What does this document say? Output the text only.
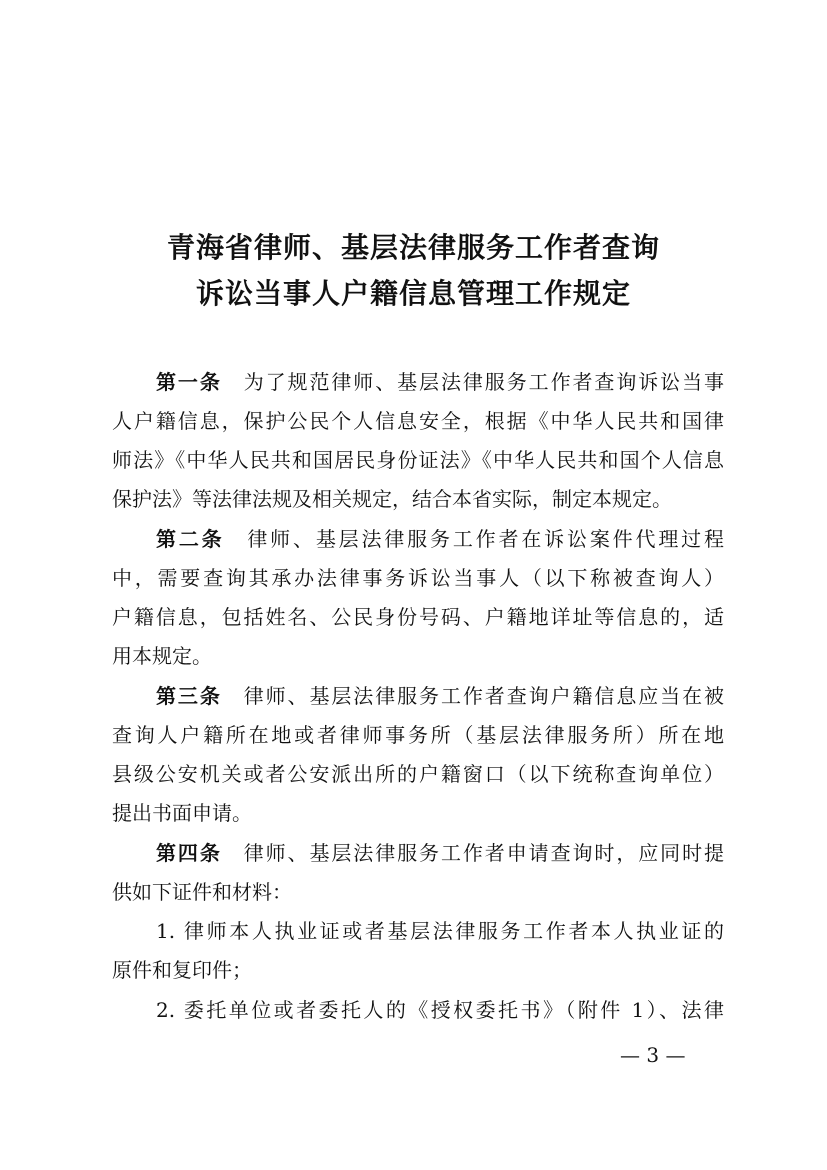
青海省律师、基层法律服务工作者查询
诉讼当事人户籍信息管理工作规定
第一条　 为了规范律师、基层法律服务工作者查询诉讼当事
人户籍信息，保护公民个人信息安全，根据《中华人民共和国律
师法》《中华人民共和国居民身份证法》《中华人民共和国个人信息
保护法》等法律法规及相关规定，结合本省实际，制定本规定。
第二条　 律师、基层法律服务工作者在诉讼案件代理过程
中，需要查询其承办法律事务诉讼当事人（以下称被查询人）
户籍信息，包括姓名、公民身份号码、户籍地详址等信息的，适
用本规定。
第三条　 律师、基层法律服务工作者查询户籍信息应当在被
查询人户籍所在地或者律师事务所（基层法律服务所）所在地
县级公安机关或者公安派出所的户籍窗口（以下统称查询单位）
提出书面申请。
第四条　 律师、基层法律服务工作者申请查询时，应同时提
供如下证件和材料：
1. 律师本人执业证或者基层法律服务工作者本人执业证的
原件和复印件；
2. 委托单位或者委托人的《授权委托书》（附件 1）、法律
— 3 —
